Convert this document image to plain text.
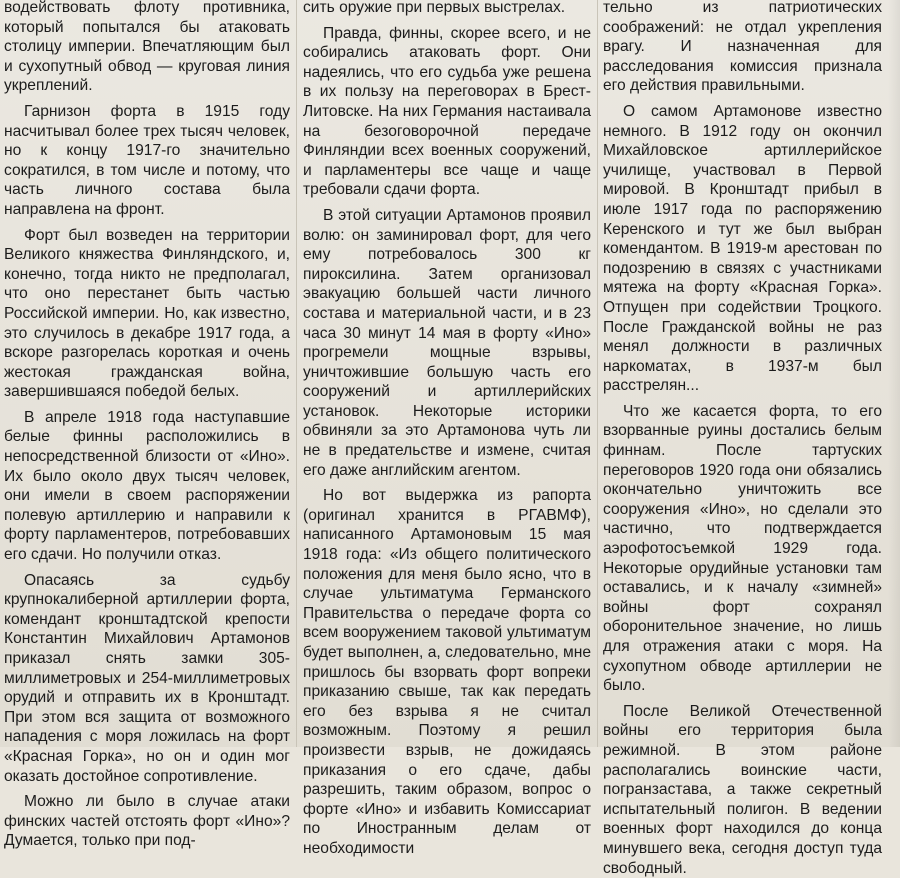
водействовать флоту противника, который попытался бы атаковать столицу империи. Впечатляющим был и сухопутный обвод — круговая линия укреплений.

Гарнизон форта в 1915 году насчитывал более трех тысяч человек, но к концу 1917-го значительно сократился, в том числе и потому, что часть личного состава была направлена на фронт.

Форт был возведен на территории Великого княжества Финляндского, и, конечно, тогда никто не предполагал, что оно перестанет быть частью Российской империи. Но, как известно, это случилось в декабре 1917 года, а вскоре разгорелась короткая и очень жестокая гражданская война, завершившаяся победой белых.

В апреле 1918 года наступавшие белые финны расположились в непосредственной близости от «Ино». Их было около двух тысяч человек, они имели в своем распоряжении полевую артиллерию и направили к форту парламентеров, потребовавших его сдачи. Но получили отказ.

Опасаясь за судьбу крупнокалиберной артиллерии форта, комендант кронштадтской крепости Константин Михайлович Артамонов приказал снять замки 305-миллиметровых и 254-миллиметровых орудий и отправить их в Кронштадт. При этом вся защита от возможного нападения с моря ложилась на форт «Красная Горка», но он и один мог оказать достойное сопротивление.

Можно ли было в случае атаки финских частей отстоять форт «Ино»? Думается, только при под-

сить оружие при первых выстрелах.

Правда, финны, скорее всего, и не собирались атаковать форт. Они надеялись, что его судьба уже решена в их пользу на переговорах в Брест-Литовске. На них Германия настаивала на безоговорочной передаче Финляндии всех военных сооружений, и парламентеры все чаще и чаще требовали сдачи форта.

В этой ситуации Артамонов проявил волю: он заминировал форт, для чего ему потребовалось 300 кг пироксилина. Затем организовал эвакуацию большей части личного состава и материальной части, и в 23 часа 30 минут 14 мая в форту «Ино» прогремели мощные взрывы, уничтожившие большую часть его сооружений и артиллерийских установок. Некоторые историки обвиняли за это Артамонова чуть ли не в предательстве и измене, считая его даже английским агентом.

Но вот выдержка из рапорта (оригинал хранится в РГАВМФ), написанного Артамоновым 15 мая 1918 года: «Из общего политического положения для меня было ясно, что в случае ультиматума Германского Правительства о передаче форта со всем вооружением таковой ультиматум будет выполнен, а, следовательно, мне пришлось бы взорвать форт вопреки приказанию свыше, так как передать его без взрыва я не считал возможным. Поэтому я решил произвести взрыв, не дожидаясь приказания о его сдаче, дабы разрешить, таким образом, вопрос о форте «Ино» и избавить Комиссариат по Иностранным делам от необходимости

тельно из патриотических соображений: не отдал укрепления врагу. И назначенная для расследования комиссия признала его действия правильными.

О самом Артамонове известно немного. В 1912 году он окончил Михайловское артиллерийское училище, участвовал в Первой мировой. В Кронштадт прибыл в июле 1917 года по распоряжению Керенского и тут же был выбран комендантом. В 1919-м арестован по подозрению в связях с участниками мятежа на форту «Красная Горка». Отпущен при содействии Троцкого. После Гражданской войны не раз менял должности в различных наркоматах, в 1937-м был расстрелян...

Что же касается форта, то его взорванные руины достались белым финнам. После тартуских переговоров 1920 года они обязались окончательно уничтожить все сооружения «Ино», но сделали это частично, что подтверждается аэрофотосъемкой 1929 года. Некоторые орудийные установки там оставались, и к началу «зимней» войны форт сохранял оборонительное значение, но лишь для отражения атаки с моря. На сухопутном обводе артиллерии не было.

После Великой Отечественной войны его территория была режимной. В этом районе располагались воинские части, погранзастава, а также секретный испытательный полигон. В ведении военных форт находился до конца минувшего века, сегодня доступ туда свободный.
